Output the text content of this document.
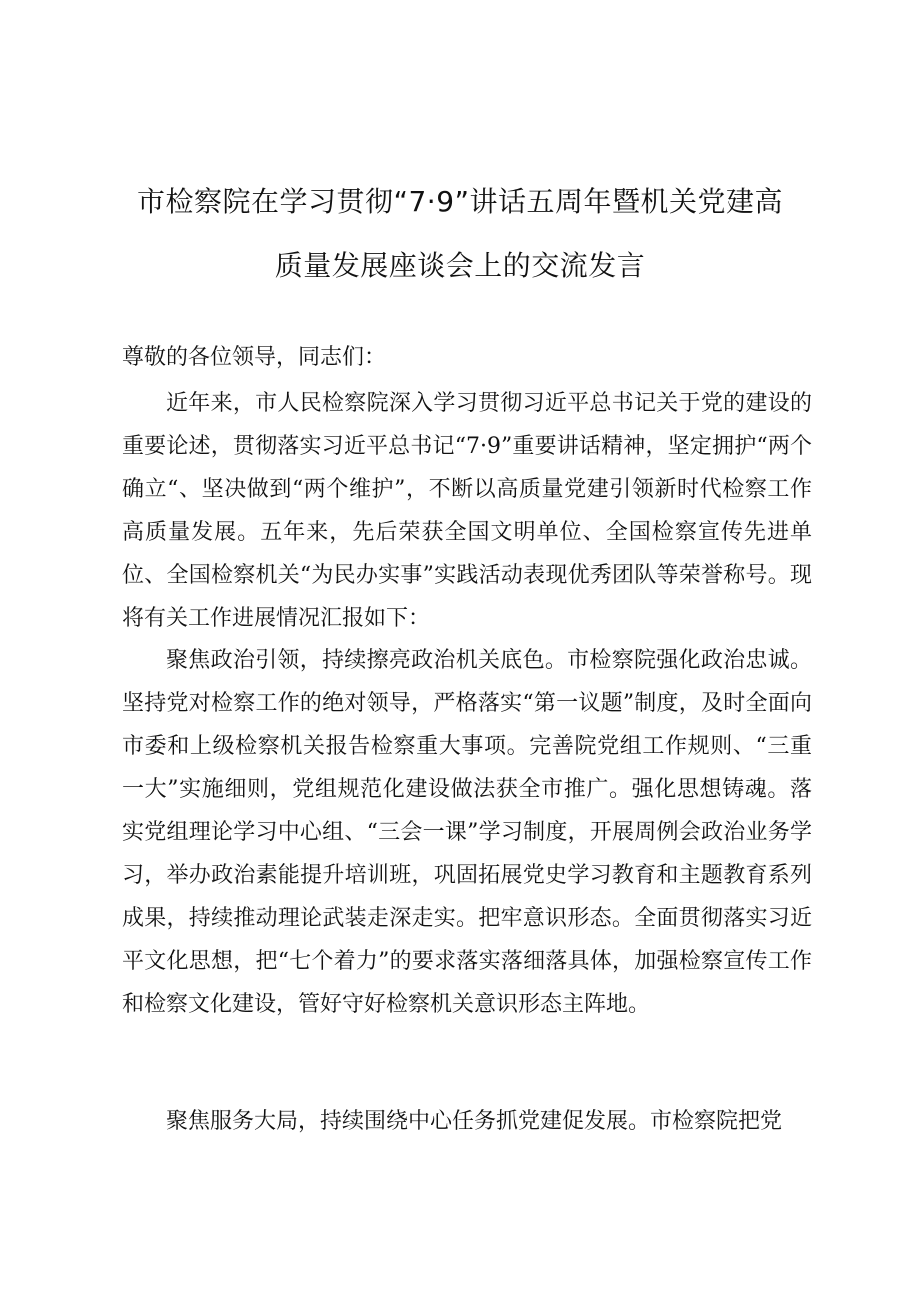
市检察院在学习贯彻“7·9”讲话五周年暨机关党建高
质量发展座谈会上的交流发言
尊敬的各位领导，同志们：

近年来，市人民检察院深入学习贯彻习近平总书记关于党的建设的重要论述，贯彻落实习近平总书记“7·9”重要讲话精神，坚定拥护“两个确立“、坚决做到“两个维护”，不断以高质量党建引领新时代检察工作高质量发展。五年来，先后荣获全国文明单位、全国检察宣传先进单位、全国检察机关“为民办实事”实践活动表现优秀团队等荣誉称号。现将有关工作进展情况汇报如下：

聚焦政治引领，持续擦亮政治机关底色。市检察院强化政治忠诚。坚持党对检察工作的绝对领导，严格落实“第一议题”制度，及时全面向市委和上级检察机关报告检察重大事项。完善院党组工作规则、“三重一大”实施细则，党组规范化建设做法获全市推广。强化思想铸魂。落实党组理论学习中心组、“三会一课”学习制度，开展周例会政治业务学习，举办政治素能提升培训班，巩固拓展党史学习教育和主题教育系列成果，持续推动理论武装走深走实。把牢意识形态。全面贯彻落实习近平文化思想，把“七个着力”的要求落实落细落具体，加强检察宣传工作和检察文化建设，管好守好检察机关意识形态主阵地。

聚焦服务大局，持续围绕中心任务抓党建促发展。市检察院把党
